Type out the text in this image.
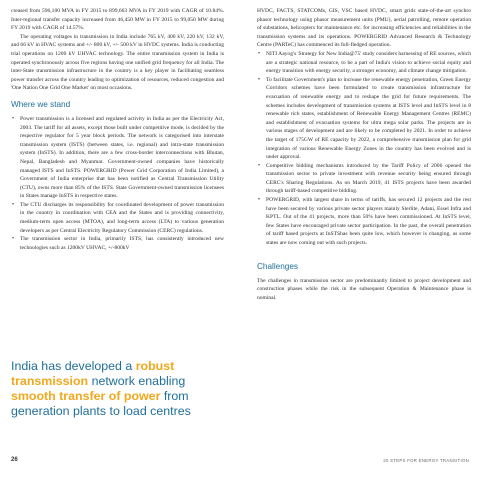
creased from 596,100 MVA in FY 2015 to 899,663 MVA in FY 2019 with CAGR of 10.84%. Inter-regional transfer capacity increased from 46,450 MW in FY 2015 to 99,050 MW during FY 2019 with CAGR of 14.57%.

The operating voltages in transmission in India include 765 kV, 400 kV, 220 kV, 132 kV, and 66 kV in HVAC systems and +/- 800 kV, +/- 500 kV in HVDC systems. India is conducting trial operations on 1200 kV UHVAC technology. The entire transmission system in India is operated synchronously across five regions having one unified grid frequency for all India. The inter-State transmission infrastructure in the country is a key player in facilitating seamless power transfer across the country leading to optimization of resources, reduced congestion and 'One Nation One Grid One Market' on most occasions.

Where we stand
• Power transmission is a licensed and regulated activity in India as per the Electricity Act, 2003. The tariff for all assets, except those built under competitive mode, is decided by the respective regulator for 5 year block periods. The network is categorised into interstate transmission system (ISTS) (between states, i.e. regional) and intra-state transmission system (InSTS). In addition, there are a few cross-border interconnections with Bhutan, Nepal, Bangladesh and Myanmar. Government-owned companies have historically managed ISTS and InSTS. POWERGRID (Power Grid Corporation of India Limited), a Government of India enterprise that has been notified as Central Transmission Utility (CTU), owns more than 85% of the ISTS. State Government-owned transmission licensees in States manage InSTS in respective states.
• The CTU discharges its responsibility for coordinated development of power transmission in the country in coordination with CEA and the States and is providing connectivity, medium-term open access (MTOA), and long-term access (LTA) to various generation developers as per Central Electricity Regulatory Commission (CERC) regulations.
• The transmission sector in India, primarily ISTS, has consistently introduced new technologies such as 1200kV UHVAC, +/-800kV
India has developed a robust transmission network enabling smooth transfer of power from generation plants to load centres

HVDC, FACTS, STATCOMs, GIS, VSC based HVDC, smart grids state-of-the-art synchro phasor technology using phasor measurement units (PMU), aerial patrolling, remote operation of substations, helicopters for maintenance etc. for increasing efficiencies and reliabilities in the transmission systems and its operations. POWERGRID Advanced Research & Technology Centre (PARTeC) has commenced its full-fledged operation.

• NITI Aayog's 'Strategy for New India@75' study considers harnessing of RE sources, which are a strategic national resource, to be a part of India's vision to achieve social equity and energy transition with energy security, a stronger economy, and climate change mitigation.
• To facilitate Government's plan to increase the renewable energy penetration, Green Energy Corridors schemes have been formulated to create transmission infrastructure for evacuation of renewable energy and to reshape the grid for future requirements. The schemes includes development of transmission systems at ISTS level and InSTS level in 8 renewable rich states, establishment of Renewable Energy Management Centres (REMC) and establishment of evacuation systems for ultra mega solar parks. The projects are in various stages of development and are likely to be completed by 2021. In order to achieve the target of 175GW of RE capacity by 2022, a comprehensive transmission plan for grid integration of various Renewable Energy Zones in the country has been evolved and is under approval.
• Competitive bidding mechanisms introduced by the Tariff Policy of 2006 opened the transmission sector to private investment with revenue security being ensured through CERC's Sharing Regulations. As on March 2019, 41 ISTS projects have been awarded through tariff-based competitive bidding.
• POWERGRID, with largest share in terms of tariffs, has secured 12 projects and the rest have been secured by various private sector players mainly Sterlite, Adani, Essel Infra and KPTL. Out of the 41 projects, more than 50% have been commissioned. At InSTS level, few States have encouraged private sector participation. In the past, the overall penetration of tariff based projects at InSTShas been quite low, which however is changing, as some states are now coming out with such projects.
Challenges

The challenges in transmission sector are predominantly limited to project development and construction phases while the risk in the subsequent Operation & Maintenance phase is nominal.

26	20 STEPS FOR ENERGY TRANSITION
